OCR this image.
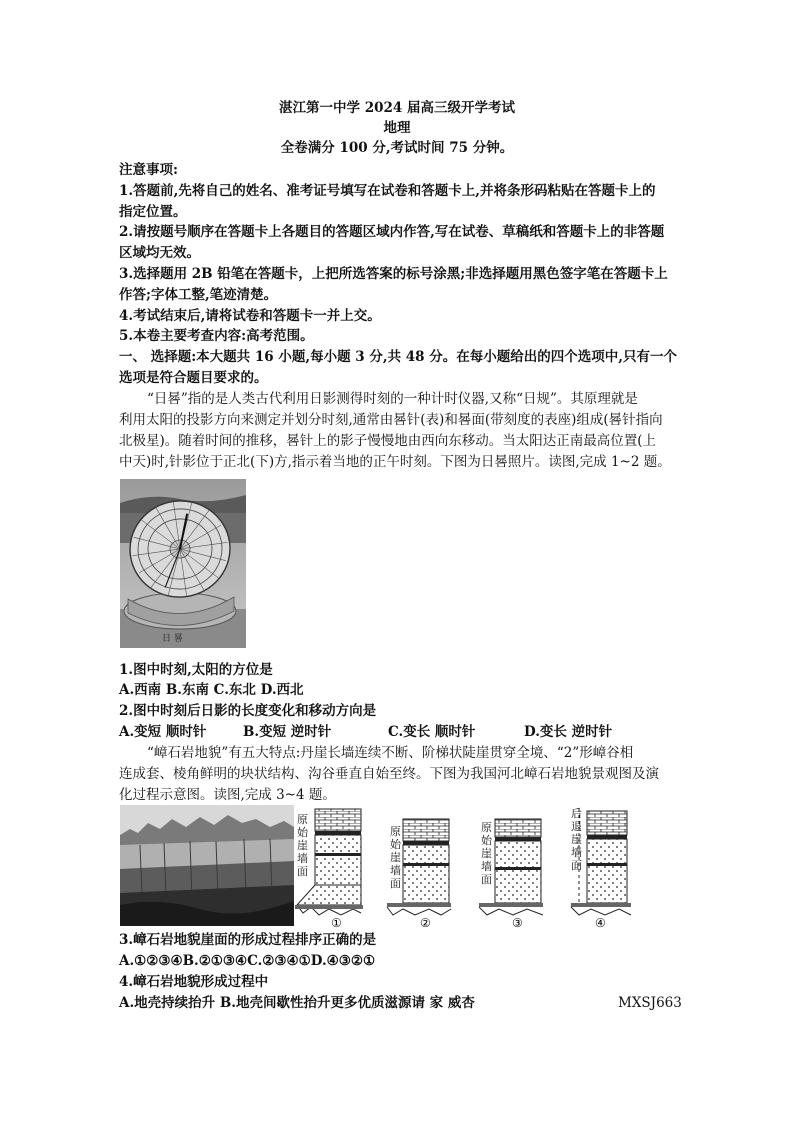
湛江第一中学 2024 届高三级开学考试
地理
全卷满分 100 分,考试时间 75 分钟。
注意事项:
1.答题前,先将自己的姓名、准考证号填写在试卷和答题卡上,并将条形码粘贴在答题卡上的
指定位置。
2.请按题号顺序在答题卡上各题目的答题区域内作答,写在试卷、草稿纸和答题卡上的非答题
区域均无效。
3.选择题用 2B 铅笔在答题卡，上把所选答案的标号涂黑;非选择题用黑色签字笔在答题卡上
作答;字体工整,笔迹清楚。
4.考试结束后,请将试卷和答题卡一并上交。
5.本卷主要考查内容:高考范围。
一、 选择题:本大题共 16 小题,每小题 3 分,共 48 分。在每小题给出的四个选项中,只有一个
选项是符合题目要求的。
“日晷”指的是人类古代利用日影测得时刻的一种计时仪器,又称“日规”。其原理就是
利用太阳的投影方向来测定并划分时刻,通常由晷针(表)和晷面(带刻度的表座)组成(晷针指向
北极星)。随着时间的推移，晷针上的影子慢慢地由西向东移动。当太阳达正南最高位置(上
中天)时,针影位于正北(下)方,指示着当地的正午时刻。下图为日晷照片。读图,完成 1~2 题。
日 晷
1.图中时刻,太阳的方位是
A.西南 B.东南 C.东北 D.西北
2.图中时刻后日影的长度变化和移动方向是
A.变短 顺时针	B.变短 逆时针	C.变长 顺时针	D.变长 逆时针
“嶂石岩地貌”有五大特点:丹崖长墙连续不断、阶梯状陡崖贯穿全境、“2”形嶂谷相
连成套、棱角鲜明的块状结构、沟谷垂直自始至终。下图为我国河北嶂石岩地貌景观图及演
化过程示意图。读图,完成 3~4 题。
原始崖墙面
原始崖墙面
原始崖墙面
后退崖墙面
①	②	③	④
3.嶂石岩地貌崖面的形成过程排序正确的是
A.①②③④B.②①③④C.②③④①D.④③②①
4.嶂石岩地貌形成过程中
A.地壳持续抬升 B.地壳间歇性抬升更多优质滋源请 家 威杏	MXSJ663
